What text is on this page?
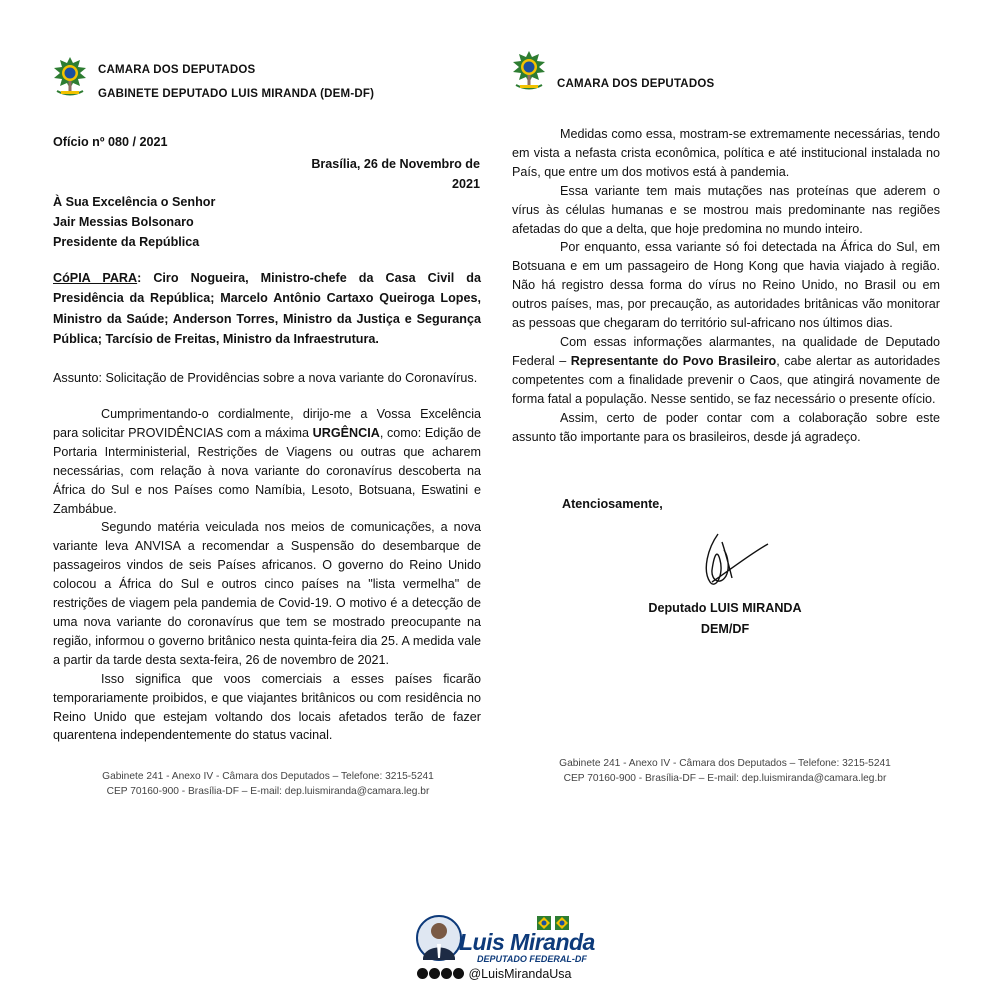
CAMARA DOS DEPUTADOS
GABINETE DEPUTADO LUIS MIRANDA (DEM-DF)
Ofício nº 080 / 2021
Brasília, 26 de Novembro de 2021
À Sua Excelência o Senhor
Jair Messias Bolsonaro
Presidente da República
CóPIA PARA: Ciro Nogueira, Ministro-chefe da Casa Civil da Presidência da República; Marcelo Antônio Cartaxo Queiroga Lopes, Ministro da Saúde; Anderson Torres, Ministro da Justiça e Segurança Pública; Tarcísio de Freitas, Ministro da Infraestrutura.
Assunto: Solicitação de Providências sobre a nova variante do Coronavírus.

Cumprimentando-o cordialmente, dirijo-me a Vossa Excelência para solicitar PROVIDÊNCIAS com a máxima URGÊNCIA, como: Edição de Portaria Interministerial, Restrições de Viagens ou outras que acharem necessárias, com relação à nova variante do coronavírus descoberta na África do Sul e nos Países como Namíbia, Lesoto, Botsuana, Eswatini e Zambábue.

Segundo matéria veiculada nos meios de comunicações, a nova variante leva ANVISA a recomendar a Suspensão do desembarque de passageiros vindos de seis Países africanos. O governo do Reino Unido colocou a África do Sul e outros cinco países na "lista vermelha" de restrições de viagem pela pandemia de Covid-19. O motivo é a detecção de uma nova variante do coronavírus que tem se mostrado preocupante na região, informou o governo britânico nesta quinta-feira dia 25. A medida vale a partir da tarde desta sexta-feira, 26 de novembro de 2021.

Isso significa que voos comerciais a esses países ficarão temporariamente proibidos, e que viajantes britânicos ou com residência no Reino Unido que estejam voltando dos locais afetados terão de fazer quarentena independentemente do status vacinal.

Gabinete 241 - Anexo IV - Câmara dos Deputados – Telefone: 3215-5241
CEP 70160-900 - Brasília-DF – E-mail: dep.luismiranda@camara.leg.br
CAMARA DOS DEPUTADOS

Medidas como essa, mostram-se extremamente necessárias, tendo em vista a nefasta crista econômica, política e até institucional instalada no País, que entre um dos motivos está à pandemia.

Essa variante tem mais mutações nas proteínas que aderem o vírus às células humanas e se mostrou mais predominante nas regiões afetadas do que a delta, que hoje predomina no mundo inteiro.

Por enquanto, essa variante só foi detectada na África do Sul, em Botsuana e em um passageiro de Hong Kong que havia viajado à região. Não há registro dessa forma do vírus no Reino Unido, no Brasil ou em outros países, mas, por precaução, as autoridades britânicas vão monitorar as pessoas que chegaram do território sul-africano nos últimos dias.

Com essas informações alarmantes, na qualidade de Deputado Federal – Representante do Povo Brasileiro, cabe alertar as autoridades competentes com a finalidade prevenir o Caos, que atingirá novamente de forma fatal a população. Nesse sentido, se faz necessário o presente ofício.

Assim, certo de poder contar com a colaboração sobre este assunto tão importante para os brasileiros, desde já agradeço.

Atenciosamente,
Deputado LUIS MIRANDA
DEM/DF
Gabinete 241 - Anexo IV - Câmara dos Deputados – Telefone: 3215-5241
CEP 70160-900 - Brasília-DF – E-mail: dep.luismiranda@camara.leg.br
Luis Miranda
DEPUTADO FEDERAL-DF
@LuisMirandaUsa
